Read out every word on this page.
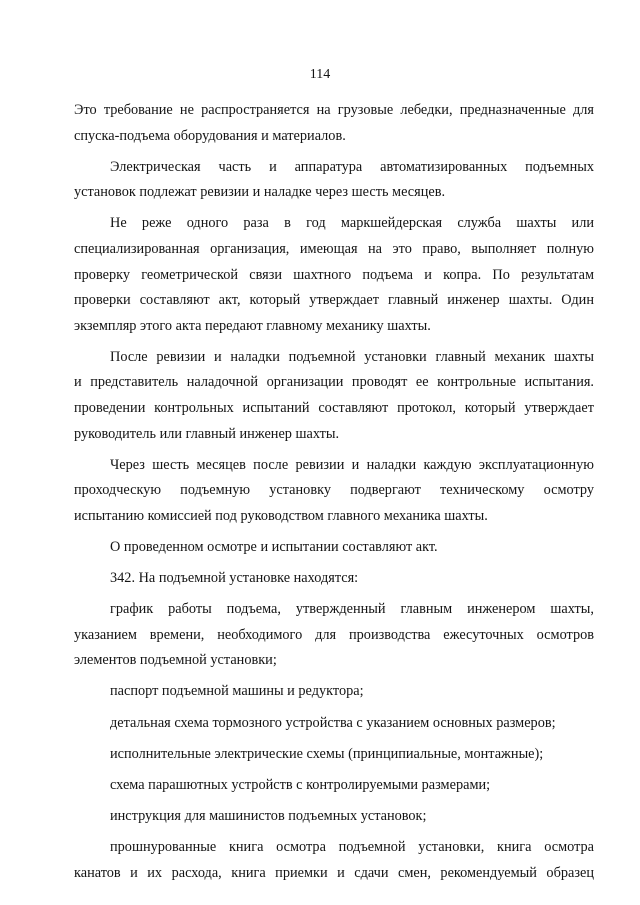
114
Это требование не распространяется на грузовые лебедки, предназначенные для
спуска-подъема оборудования и материалов.
Электрическая часть и аппаратура автоматизированных подъемных
установок подлежат ревизии и наладке через шесть месяцев.
Не реже одного раза в год маркшейдерская служба шахты или
специализированная организация, имеющая на это право, выполняет полную
проверку геометрической связи шахтного подъема и копра. По результатам
проверки составляют акт, который утверждает главный инженер шахты. Один
экземпляр этого акта передают главному механику шахты.
После ревизии и наладки подъемной установки главный механик шахты
и представитель наладочной организации проводят ее контрольные испытания.
проведении контрольных испытаний составляют протокол, который утверждает
руководитель или главный инженер шахты.
Через шесть месяцев после ревизии и наладки каждую эксплуатационную
проходческую подъемную установку подвергают техническому осмотру
испытанию комиссией под руководством главного механика шахты.
О проведенном осмотре и испытании составляют акт.
342. На подъемной установке находятся:
график работы подъема, утвержденный главным инженером шахты,
указанием времени, необходимого для производства ежесуточных осмотров
элементов подъемной установки;
паспорт подъемной машины и редуктора;
детальная схема тормозного устройства с указанием основных размеров;
исполнительные электрические схемы (принципиальные, монтажные);
схема парашютных устройств с контролируемыми размерами;
инструкция для машинистов подъемных установок;
прошнурованные книга осмотра подъемной установки, книга осмотра
канатов и их расхода, книга приемки и сдачи смен, рекомендуемый образец
